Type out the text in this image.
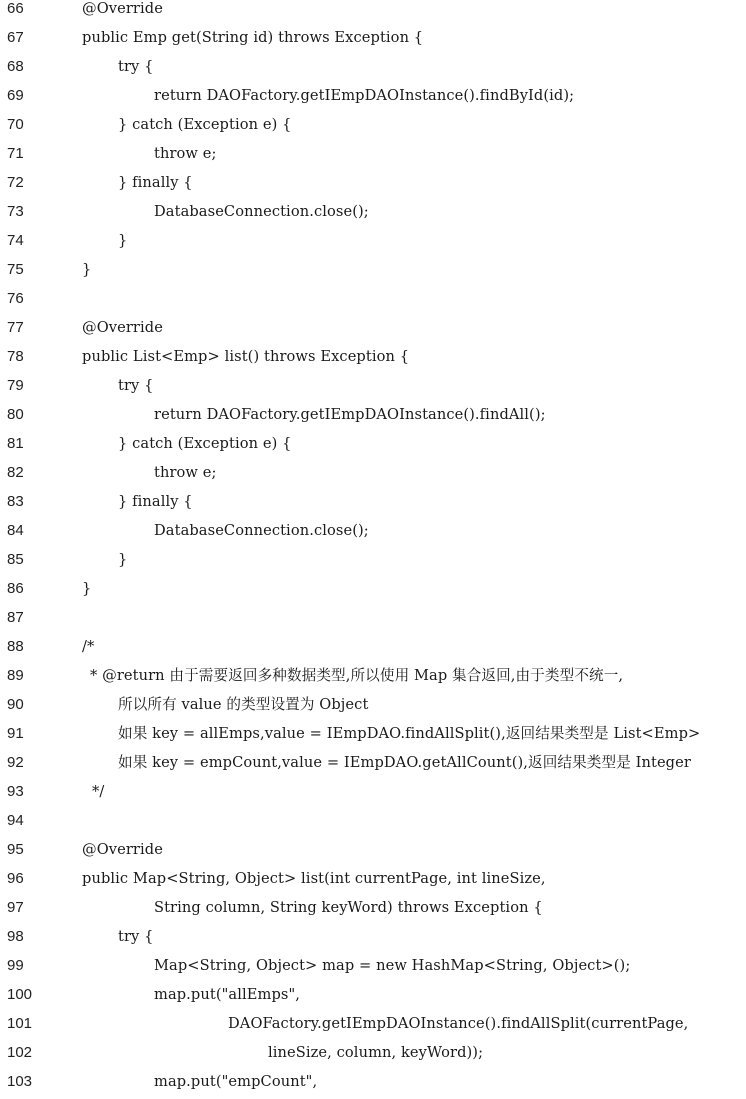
66	@Override
67	public Emp get(String id) throws Exception {
68	try {
69	return DAOFactory.getIEmpDAOInstance().findById(id);
70	} catch (Exception e) {
71	throw e;
72	} finally {
73	DatabaseConnection.close();
74	}
75	}
76
77	@Override
78	public List<Emp> list() throws Exception {
79	try {
80	return DAOFactory.getIEmpDAOInstance().findAll();
81	} catch (Exception e) {
82	throw e;
83	} finally {
84	DatabaseConnection.close();
85	}
86	}
87
88	/*
89	* @return 由于需要返回多种数据类型,所以使用 Map 集合返回,由于类型不统一,
90	所以所有 value 的类型设置为 Object
91	如果 key = allEmps,value = IEmpDAO.findAllSplit(),返回结果类型是 List<Emp>
92	如果 key = empCount,value = IEmpDAO.getAllCount(),返回结果类型是 Integer
93	*/
94
95	@Override
96	public Map<String, Object> list(int currentPage, int lineSize,
97	String column, String keyWord) throws Exception {
98	try {
99	Map<String, Object> map = new HashMap<String, Object>();
100	map.put("allEmps",
101	DAOFactory.getIEmpDAOInstance().findAllSplit(currentPage,
102	lineSize, column, keyWord));
103	map.put("empCount",
